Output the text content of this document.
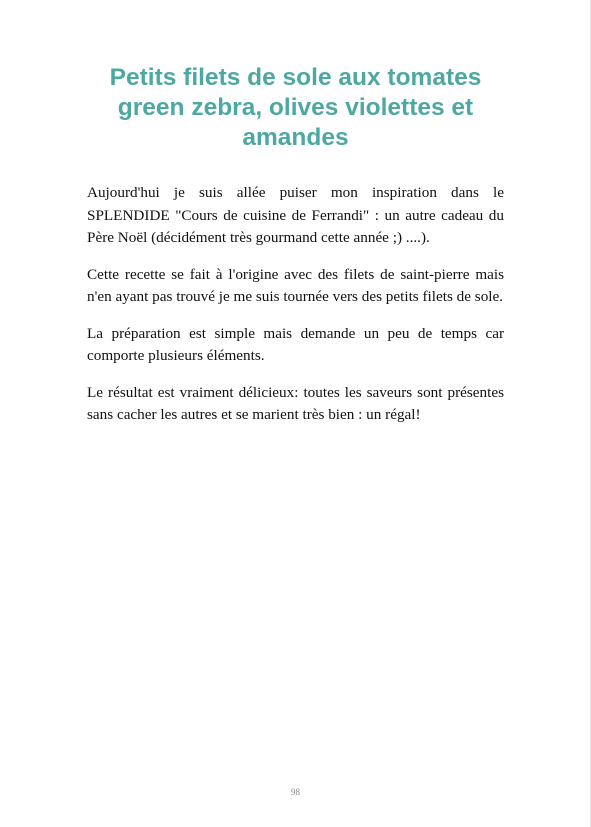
Petits filets de sole aux tomates
green zebra, olives violettes et
amandes

Aujourd'hui je suis allée puiser mon inspiration dans le SPLENDIDE "Cours de cuisine de Ferrandi" : un autre cadeau du Père Noël (décidément très gourmand cette année ;) ....).

Cette recette se fait à l'origine avec des filets de saint-pierre mais n'en ayant pas trouvé je me suis tournée vers des petits filets de sole.

La préparation est simple mais demande un peu de temps car comporte plusieurs éléments.

Le résultat est vraiment délicieux: toutes les saveurs sont présentes sans cacher les autres et se marient très bien : un régal!

98
